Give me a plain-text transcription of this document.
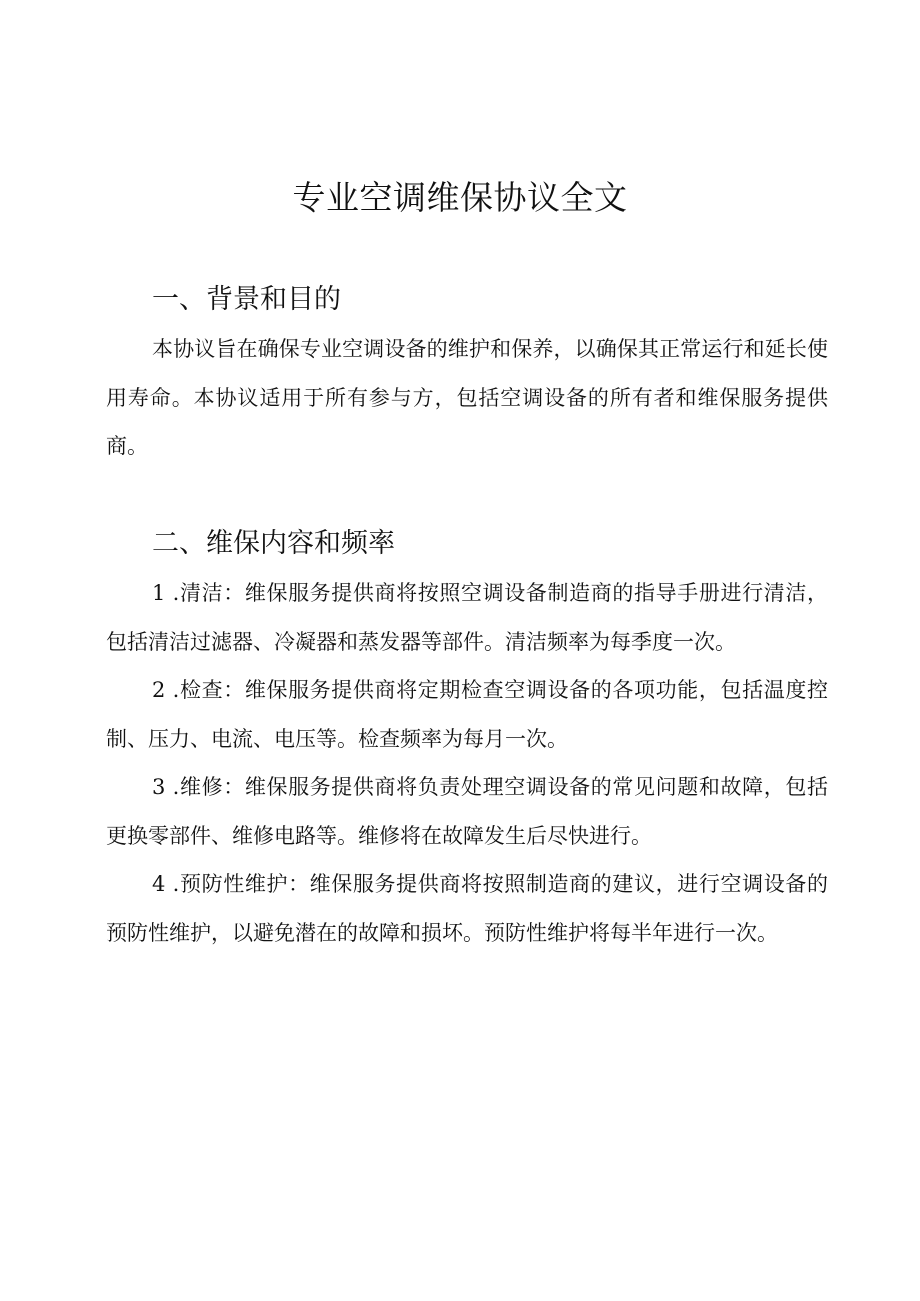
专业空调维保协议全文
一、背景和目的

本协议旨在确保专业空调设备的维护和保养，以确保其正常运行和延长使用寿命。本协议适用于所有参与方，包括空调设备的所有者和维保服务提供商。

二、维保内容和频率

1 .清洁：维保服务提供商将按照空调设备制造商的指导手册进行清洁，包括清洁过滤器、冷凝器和蒸发器等部件。清洁频率为每季度一次。

2 .检查：维保服务提供商将定期检查空调设备的各项功能，包括温度控制、压力、电流、电压等。检查频率为每月一次。

3 .维修：维保服务提供商将负责处理空调设备的常见问题和故障，包括更换零部件、维修电路等。维修将在故障发生后尽快进行。

4 .预防性维护：维保服务提供商将按照制造商的建议，进行空调设备的预防性维护，以避免潜在的故障和损坏。预防性维护将每半年进行一次。
